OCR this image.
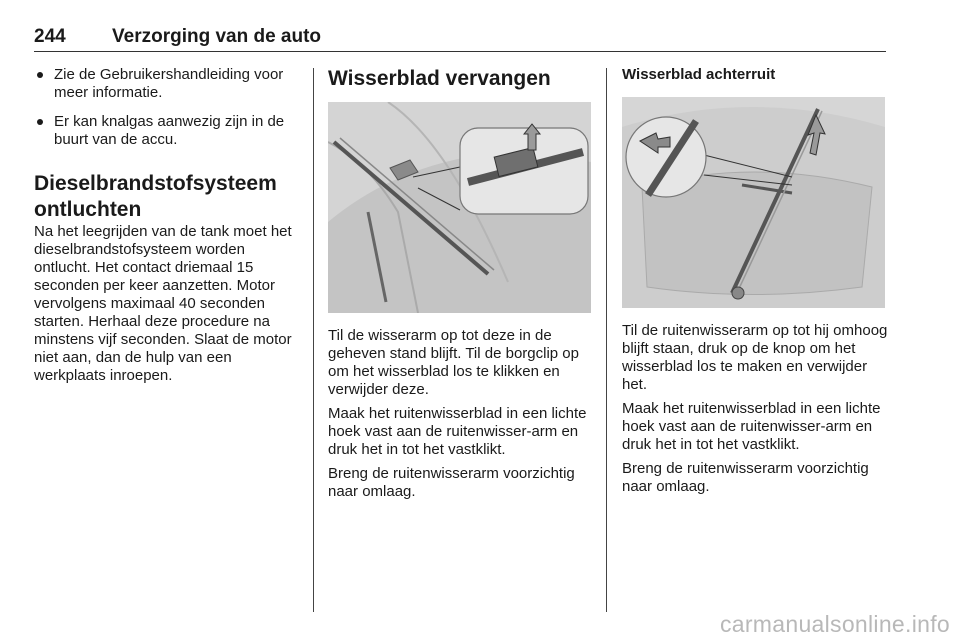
244 Verzorging van de auto
Zie de Gebruikershandleiding voor meer informatie.
Er kan knalgas aanwezig zijn in de buurt van de accu.
Dieselbrandstofsysteem ontluchten

Na het leegrijden van de tank moet het dieselbrandstofsysteem worden ontlucht. Het contact driemaal 15 seconden per keer aanzetten. Motor vervolgens maximaal 40 seconden starten. Herhaal deze procedure na minstens vijf seconden. Slaat de motor niet aan, dan de hulp van een werkplaats inroepen.

Wisserblad vervangen

Til de wisserarm op tot deze in de geheven stand blijft. Til de borgclip op om het wisserblad los te klikken en verwijder deze.

Maak het ruitenwisserblad in een lichte hoek vast aan de ruitenwisser-arm en druk het in tot het vastklikt.

Breng de ruitenwisserarm voorzichtig naar omlaag.

Wisserblad achterruit

Til de ruitenwisserarm op tot hij omhoog blijft staan, druk op de knop om het wisserblad los te maken en verwijder het.

Maak het ruitenwisserblad in een lichte hoek vast aan de ruitenwisser-arm en druk het in tot het vastklikt.

Breng de ruitenwisserarm voorzichtig naar omlaag.

carmanualsonline.info
